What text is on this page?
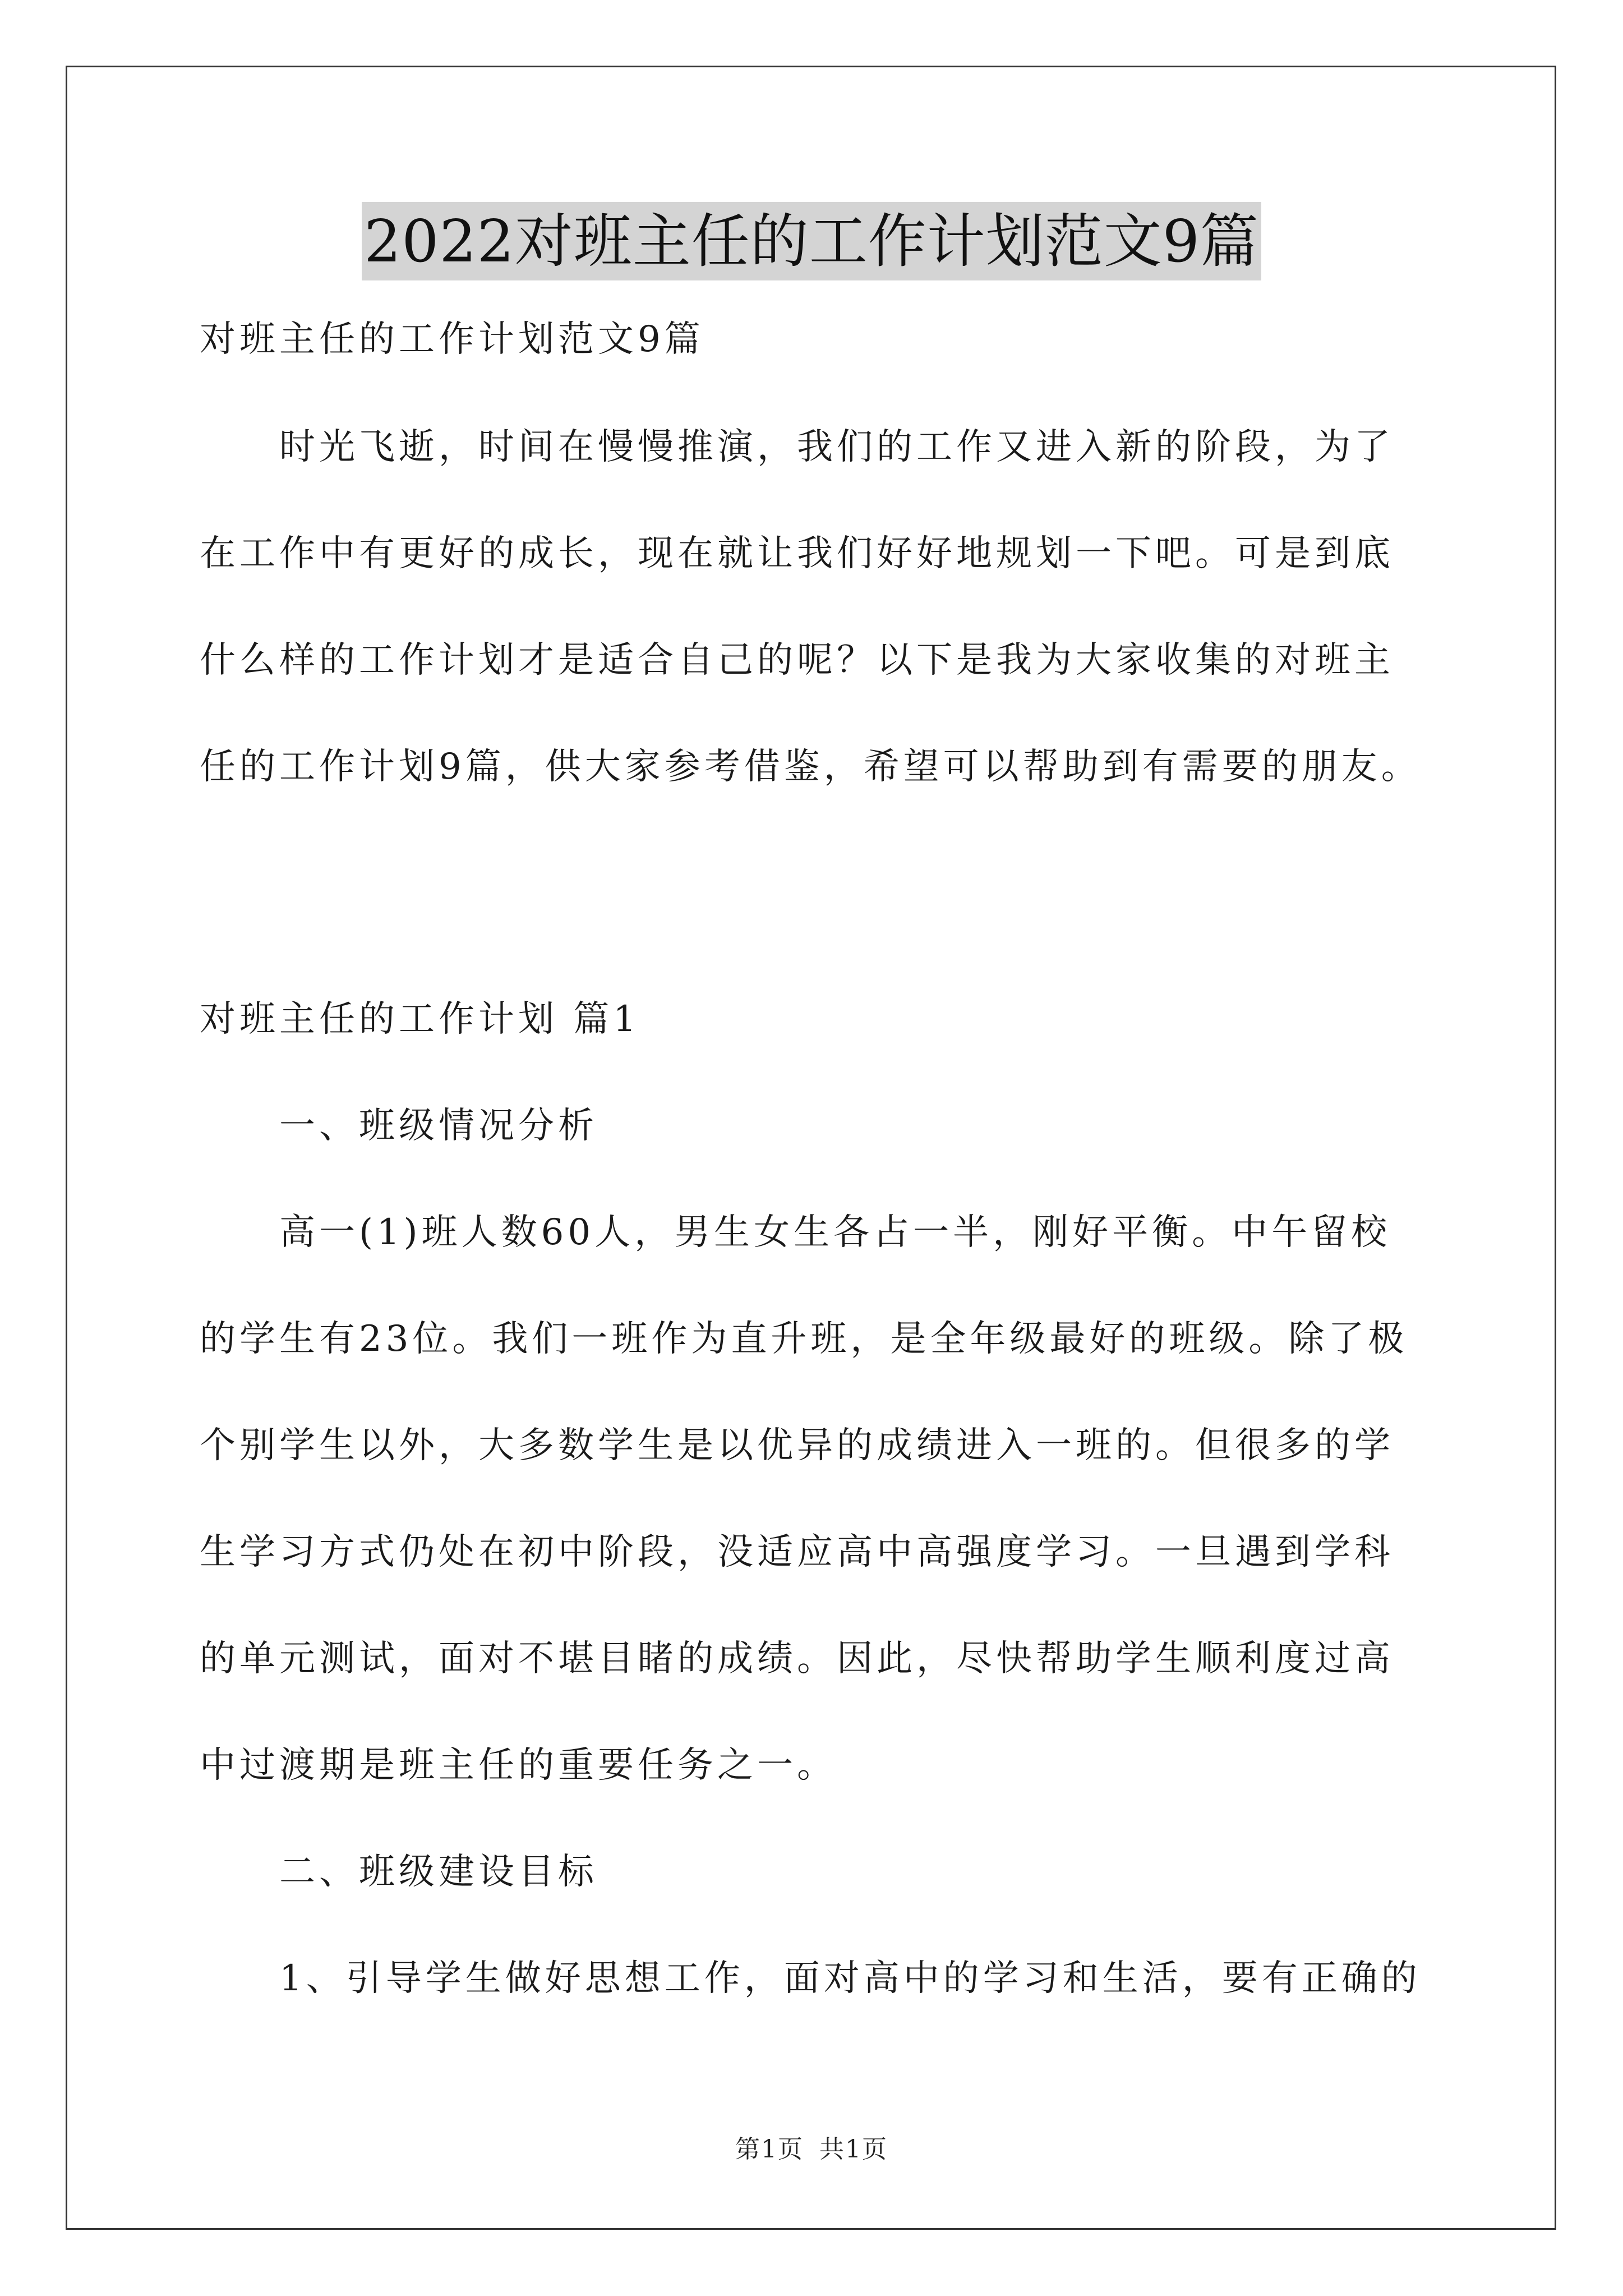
2022对班主任的工作计划范文9篇
对班主任的工作计划范文9篇
　　时光飞逝，时间在慢慢推演，我们的工作又进入新的阶段，为了
在工作中有更好的成长，现在就让我们好好地规划一下吧。可是到底
什么样的工作计划才是适合自己的呢？以下是我为大家收集的对班主
任的工作计划9篇，供大家参考借鉴，希望可以帮助到有需要的朋友。
对班主任的工作计划 篇1
　　一、班级情况分析
　　高一(1)班人数60人，男生女生各占一半，刚好平衡。中午留校
的学生有23位。我们一班作为直升班，是全年级最好的班级。除了极
个别学生以外，大多数学生是以优异的成绩进入一班的。但很多的学
生学习方式仍处在初中阶段，没适应高中高强度学习。一旦遇到学科
的单元测试，面对不堪目睹的成绩。因此，尽快帮助学生顺利度过高
中过渡期是班主任的重要任务之一。
　　二、班级建设目标
　　1、引导学生做好思想工作，面对高中的学习和生活，要有正确的
第1页 共1页
